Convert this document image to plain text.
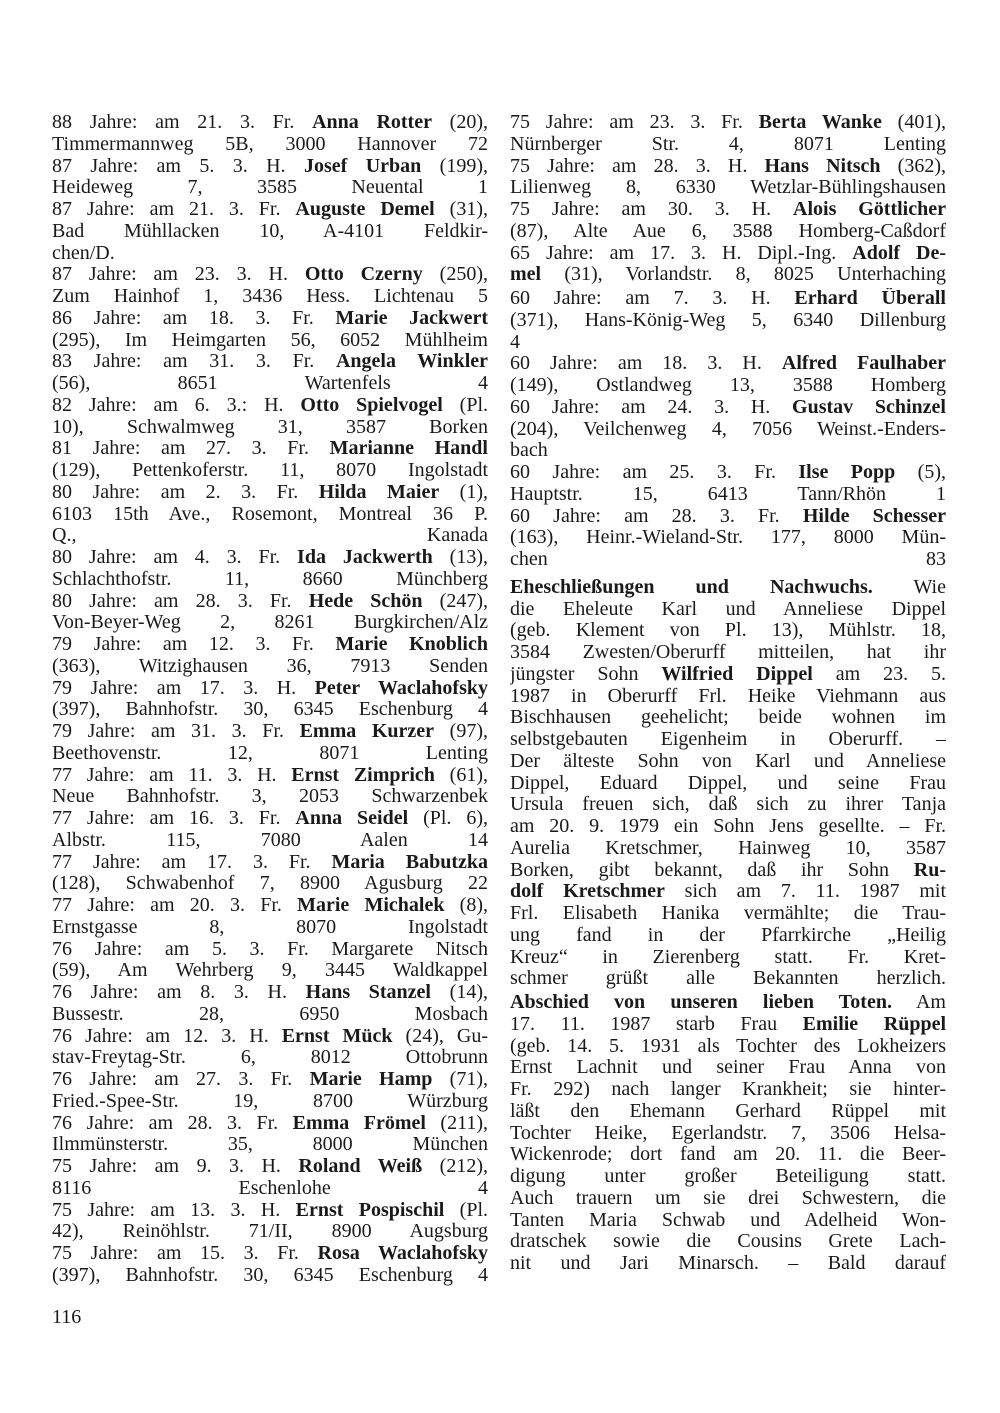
88 Jahre: am 21. 3. Fr. Anna Rotter (20),
Timmermannweg 5B, 3000 Hannover 72
87 Jahre: am 5. 3. H. Josef Urban (199),
Heideweg 7, 3585 Neuental 1
87 Jahre: am 21. 3. Fr. Auguste Demel (31),
Bad Mühllacken 10, A-4101 Feldkir-
chen/D.
87 Jahre: am 23. 3. H. Otto Czerny (250),
Zum Hainhof 1, 3436 Hess. Lichtenau 5
86 Jahre: am 18. 3. Fr. Marie Jackwert
(295), Im Heimgarten 56, 6052 Mühlheim
83 Jahre: am 31. 3. Fr. Angela Winkler
(56), 8651 Wartenfels 4
82 Jahre: am 6. 3.: H. Otto Spielvogel (Pl.
10), Schwalmweg 31, 3587 Borken
81 Jahre: am 27. 3. Fr. Marianne Handl
(129), Pettenkoferstr. 11, 8070 Ingolstadt
80 Jahre: am 2. 3. Fr. Hilda Maier (1),
6103 15th Ave., Rosemont, Montreal 36 P.
Q., Kanada
80 Jahre: am 4. 3. Fr. Ida Jackwerth (13),
Schlachthofstr. 11, 8660 Münchberg
80 Jahre: am 28. 3. Fr. Hede Schön (247),
Von-Beyer-Weg 2, 8261 Burgkirchen/Alz
79 Jahre: am 12. 3. Fr. Marie Knoblich
(363), Witzighausen 36, 7913 Senden
79 Jahre: am 17. 3. H. Peter Waclahofsky
(397), Bahnhofstr. 30, 6345 Eschenburg 4
79 Jahre: am 31. 3. Fr. Emma Kurzer (97),
Beethovenstr. 12, 8071 Lenting
77 Jahre: am 11. 3. H. Ernst Zimprich (61),
Neue Bahnhofstr. 3, 2053 Schwarzenbek
77 Jahre: am 16. 3. Fr. Anna Seidel (Pl. 6),
Albstr. 115, 7080 Aalen 14
77 Jahre: am 17. 3. Fr. Maria Babutzka
(128), Schwabenhof 7, 8900 Agusburg 22
77 Jahre: am 20. 3. Fr. Marie Michalek (8),
Ernstgasse 8, 8070 Ingolstadt
76 Jahre: am 5. 3. Fr. Margarete Nitsch
(59), Am Wehrberg 9, 3445 Waldkappel
76 Jahre: am 8. 3. H. Hans Stanzel (14),
Bussestr. 28, 6950 Mosbach
76 Jahre: am 12. 3. H. Ernst Mück (24), Gu-
stav-Freytag-Str. 6, 8012 Ottobrunn
76 Jahre: am 27. 3. Fr. Marie Hamp (71),
Fried.-Spee-Str. 19, 8700 Würzburg
76 Jahre: am 28. 3. Fr. Emma Frömel (211),
Ilmmünsterstr. 35, 8000 München
75 Jahre: am 9. 3. H. Roland Weiß (212),
8116 Eschenlohe 4
75 Jahre: am 13. 3. H. Ernst Pospischil (Pl.
42), Reinöhlstr. 71/II, 8900 Augsburg
75 Jahre: am 15. 3. Fr. Rosa Waclahofsky
(397), Bahnhofstr. 30, 6345 Eschenburg 4
75 Jahre: am 23. 3. Fr. Berta Wanke (401),
Nürnberger Str. 4, 8071 Lenting
75 Jahre: am 28. 3. H. Hans Nitsch (362),
Lilienweg 8, 6330 Wetzlar-Bühlingshausen
75 Jahre: am 30. 3. H. Alois Göttlicher
(87), Alte Aue 6, 3588 Homberg-Caßdorf
65 Jahre: am 17. 3. H. Dipl.-Ing. Adolf De-
mel (31), Vorlandstr. 8, 8025 Unterhaching
60 Jahre: am 7. 3. H. Erhard Überall
(371), Hans-König-Weg 5, 6340 Dillenburg
4
60 Jahre: am 18. 3. H. Alfred Faulhaber
(149), Ostlandweg 13, 3588 Homberg
60 Jahre: am 24. 3. H. Gustav Schinzel
(204), Veilchenweg 4, 7056 Weinst.-Enders-
bach
60 Jahre: am 25. 3. Fr. Ilse Popp (5),
Hauptstr. 15, 6413 Tann/Rhön 1
60 Jahre: am 28. 3. Fr. Hilde Schesser
(163), Heinr.-Wieland-Str. 177, 8000 Mün-
chen 83
Eheschließungen und Nachwuchs. Wie
die Eheleute Karl und Anneliese Dippel
(geb. Klement von Pl. 13), Mühlstr. 18,
3584 Zwesten/Oberurff mitteilen, hat ihr
jüngster Sohn Wilfried Dippel am 23. 5.
1987 in Oberurff Frl. Heike Viehmann aus
Bischhausen geehelicht; beide wohnen im
selbstgebauten Eigenheim in Oberurff. –
Der älteste Sohn von Karl und Anneliese
Dippel, Eduard Dippel, und seine Frau
Ursula freuen sich, daß sich zu ihrer Tanja
am 20. 9. 1979 ein Sohn Jens gesellte. – Fr.
Aurelia Kretschmer, Hainweg 10, 3587
Borken, gibt bekannt, daß ihr Sohn Ru-
dolf Kretschmer sich am 7. 11. 1987 mit
Frl. Elisabeth Hanika vermählte; die Trau-
ung fand in der Pfarrkirche „Heilig
Kreuz“ in Zierenberg statt. Fr. Kret-
schmer grüßt alle Bekannten herzlich.
Abschied von unseren lieben Toten. Am
17. 11. 1987 starb Frau Emilie Rüppel
(geb. 14. 5. 1931 als Tochter des Lokheizers
Ernst Lachnit und seiner Frau Anna von
Fr. 292) nach langer Krankheit; sie hinter-
läßt den Ehemann Gerhard Rüppel mit
Tochter Heike, Egerlandstr. 7, 3506 Helsa-
Wickenrode; dort fand am 20. 11. die Beer-
digung unter großer Beteiligung statt.
Auch trauern um sie drei Schwestern, die
Tanten Maria Schwab und Adelheid Won-
dratschek sowie die Cousins Grete Lach-
nit und Jari Minarsch. – Bald darauf
116
